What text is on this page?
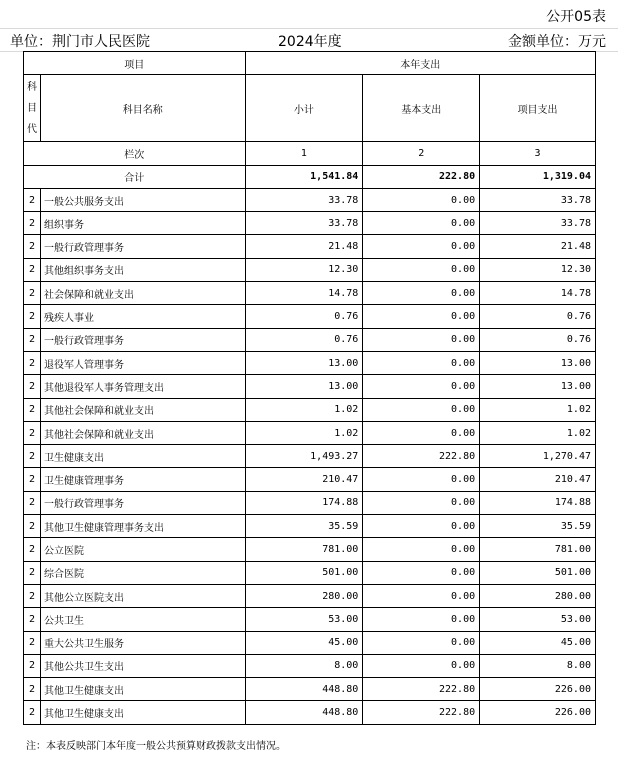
公开05表
单位：荆门市人民医院	2024年度	金额单位：万元
项目		本年支出		

科目代	科目名称	小计	基本支出	项目支出
栏次		1	2	3
合计		1,541.84	222.80	1,319.04
2	一般公共服务支出	33.78	0.00	33.78
2	组织事务	33.78	0.00	33.78
2	一般行政管理事务	21.48	0.00	21.48
2	其他组织事务支出	12.30	0.00	12.30
2	社会保障和就业支出	14.78	0.00	14.78
2	残疾人事业	0.76	0.00	0.76
2	一般行政管理事务	0.76	0.00	0.76
2	退役军人管理事务	13.00	0.00	13.00
2	其他退役军人事务管理支出	13.00	0.00	13.00
2	其他社会保障和就业支出	1.02	0.00	1.02
2	其他社会保障和就业支出	1.02	0.00	1.02
2	卫生健康支出	1,493.27	222.80	1,270.47
2	卫生健康管理事务	210.47	0.00	210.47
2	一般行政管理事务	174.88	0.00	174.88
2	其他卫生健康管理事务支出	35.59	0.00	35.59
2	公立医院	781.00	0.00	781.00
2	综合医院	501.00	0.00	501.00
2	其他公立医院支出	280.00	0.00	280.00
2	公共卫生	53.00	0.00	53.00
2	重大公共卫生服务	45.00	0.00	45.00
2	其他公共卫生支出	8.00	0.00	8.00
2	其他卫生健康支出	448.80	222.80	226.00
2	其他卫生健康支出	448.80	222.80	226.00
注：本表反映部门本年度一般公共预算财政拨款支出情况。
